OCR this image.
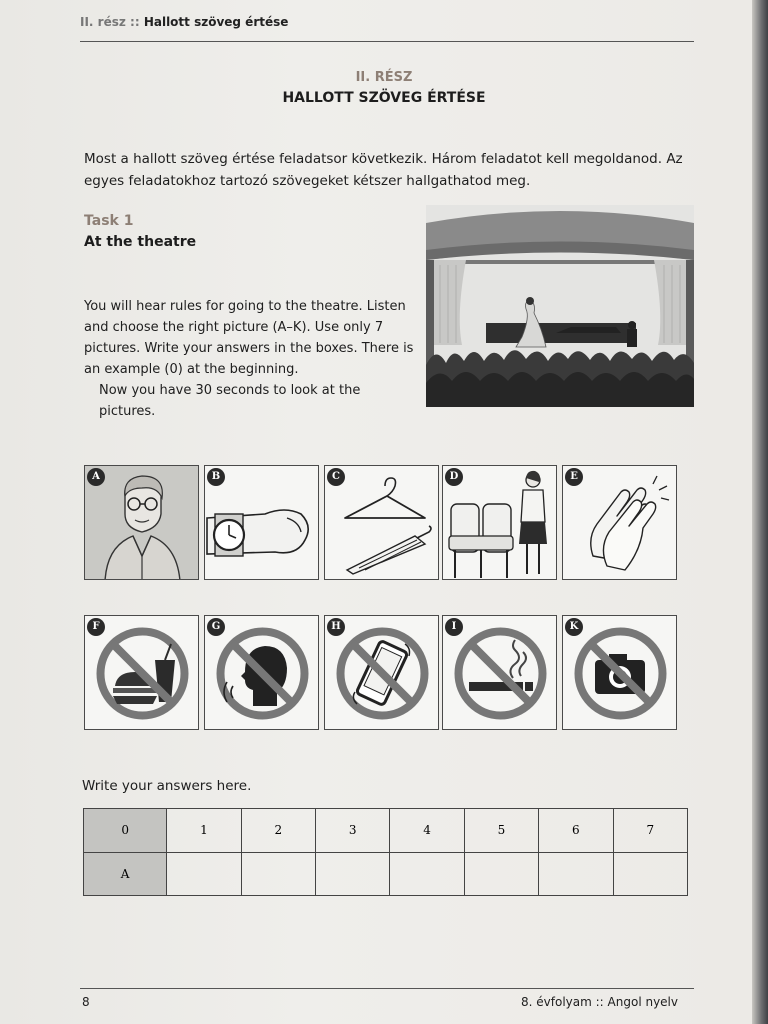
II. rész :: Hallott szöveg értése
II. RÉSZ
HALLOTT SZÖVEG ÉRTÉSE
Most a hallott szöveg értése feladatsor következik. Három feladatot kell megoldanod. Az egyes feladatokhoz tartozó szövegeket kétszer hallgathatod meg.
Task 1
At the theatre

You will hear rules for going to the theatre. Listen and choose the right picture (A–K). Use only 7 pictures. Write your answers in the boxes. There is an example (0) at the beginning.

Now you have 30 seconds to look at the pictures.

A	B	C	D	E
F	G	H	I	K
Write your answers here.
0	1	2	3	4	5	6	7
A							
8	8. évfolyam :: Angol nyelv
